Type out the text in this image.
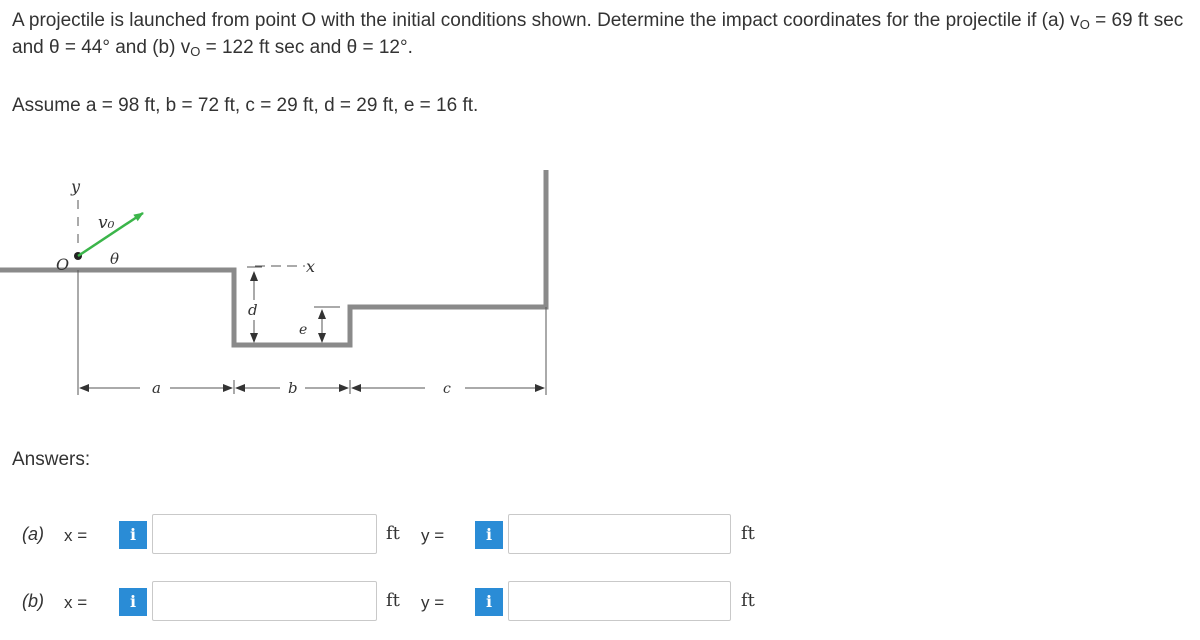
A projectile is launched from point O with the initial conditions shown. Determine the impact coordinates for the projectile if (a) vO = 69 ft sec and θ = 44° and (b) vO = 122 ft sec and θ = 12°.

Assume a = 98 ft, b = 72 ft, c = 29 ft, d = 29 ft, e = 16 ft.
y
O
v₀
θ	x
d
e
a	b	c
Answers:
(a) x =	i	ft y =	i	ft
(b) x =	i	ft y =	i	ft
